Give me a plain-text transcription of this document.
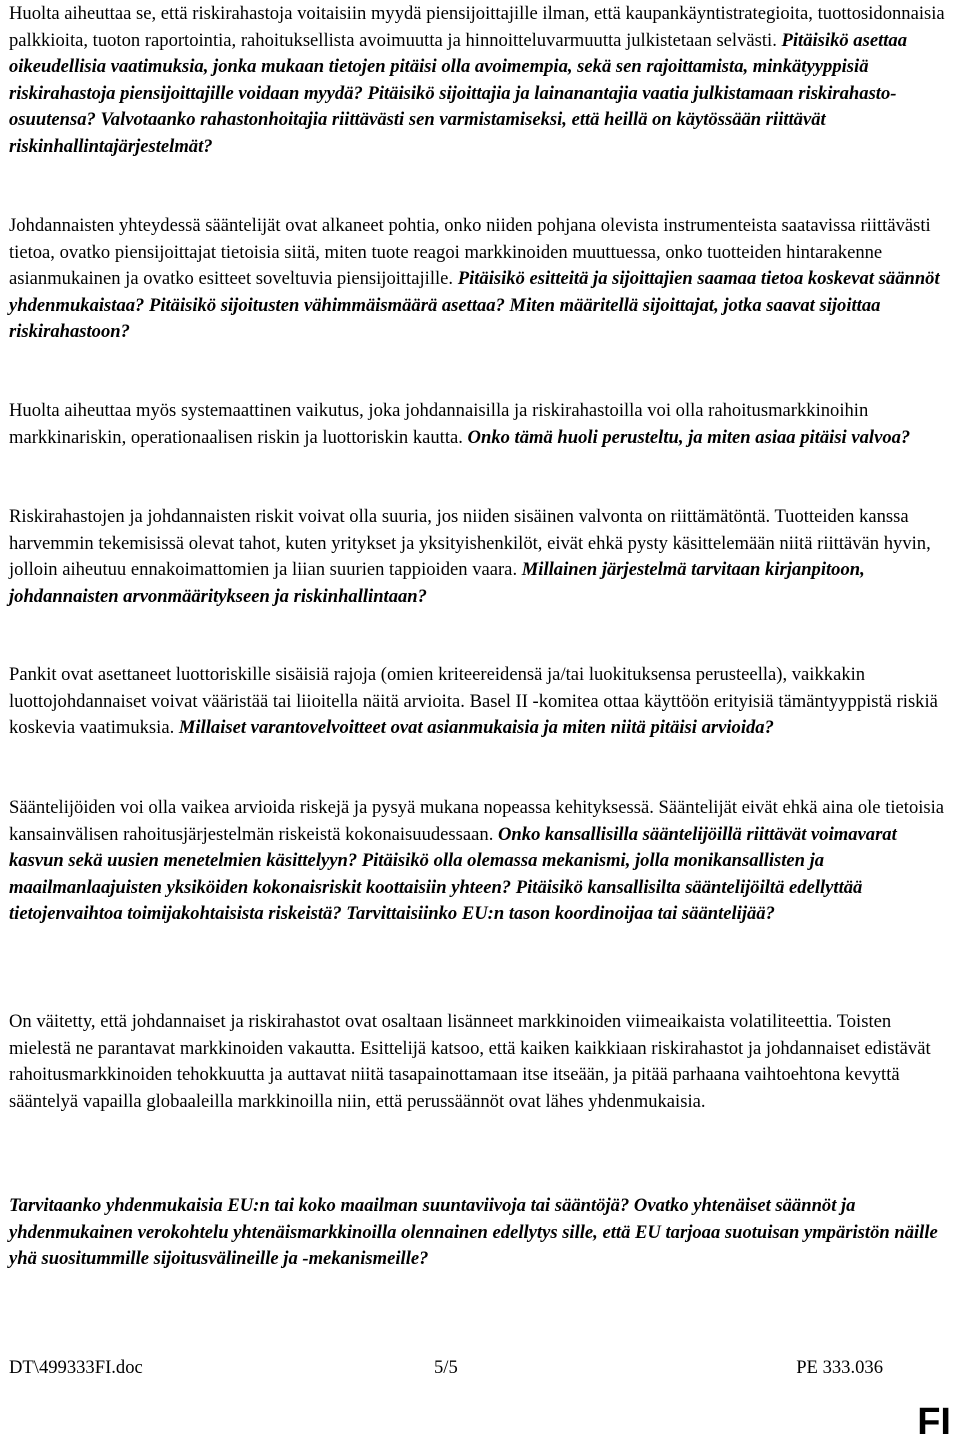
Huolta aiheuttaa se, että riskirahastoja voitaisiin myydä piensijoittajille ilman, että kaupankäyntistrategioita, tuottosidonnaisia palkkioita, tuoton raportointia, rahoituksellista avoimuutta ja hinnoitteluvarmuutta julkistetaan selvästi. Pitäisikö asettaa oikeudellisia vaatimuksia, jonka mukaan tietojen pitäisi olla avoimempia, sekä sen rajoittamista, minkätyyppisiä riskirahastoja piensijoittajille voidaan myydä? Pitäisikö sijoittajia ja lainanantajia vaatia julkistamaan riskirahasto-osuutensa? Valvotaanko rahastonhoitajia riittävästi sen varmistamiseksi, että heillä on käytössään riittävät riskinhallintajärjestelmät?

Johdannaisten yhteydessä sääntelijät ovat alkaneet pohtia, onko niiden pohjana olevista instrumenteista saatavissa riittävästi tietoa, ovatko piensijoittajat tietoisia siitä, miten tuote reagoi markkinoiden muuttuessa, onko tuotteiden hintarakenne asianmukainen ja ovatko esitteet soveltuvia piensijoittajille. Pitäisikö esitteitä ja sijoittajien saamaa tietoa koskevat säännöt yhdenmukaistaa? Pitäisikö sijoitusten vähimmäismäärä asettaa? Miten määritellä sijoittajat, jotka saavat sijoittaa riskirahastoon?

Huolta aiheuttaa myös systemaattinen vaikutus, joka johdannaisilla ja riskirahastoilla voi olla rahoitusmarkkinoihin markkinariskin, operationaalisen riskin ja luottoriskin kautta. Onko tämä huoli perusteltu, ja miten asiaa pitäisi valvoa?

Riskirahastojen ja johdannaisten riskit voivat olla suuria, jos niiden sisäinen valvonta on riittämätöntä. Tuotteiden kanssa harvemmin tekemisissä olevat tahot, kuten yritykset ja yksityishenkilöt, eivät ehkä pysty käsittelemään niitä riittävän hyvin, jolloin aiheutuu ennakoimattomien ja liian suurien tappioiden vaara. Millainen järjestelmä tarvitaan kirjanpitoon, johdannaisten arvonmääritykseen ja riskinhallintaan?

Pankit ovat asettaneet luottoriskille sisäisiä rajoja (omien kriteereidensä ja/tai luokituksensa perusteella), vaikkakin luottojohdannaiset voivat vääristää tai liioitella näitä arvioita. Basel II -komitea ottaa käyttöön erityisiä tämäntyyppistä riskiä koskevia vaatimuksia. Millaiset varantovelvoitteet ovat asianmukaisia ja miten niitä pitäisi arvioida?

Sääntelijöiden voi olla vaikea arvioida riskejä ja pysyä mukana nopeassa kehityksessä. Sääntelijät eivät ehkä aina ole tietoisia kansainvälisen rahoitusjärjestelmän riskeistä kokonaisuudessaan. Onko kansallisilla sääntelijöillä riittävät voimavarat kasvun sekä uusien menetelmien käsittelyyn? Pitäisikö olla olemassa mekanismi, jolla monikansallisten ja maailmanlaajuisten yksiköiden kokonaisriskit koottaisiin yhteen? Pitäisikö kansallisilta sääntelijöiltä edellyttää tietojenvaihtoa toimijakohtaisista riskeistä? Tarvittaisiinko EU:n tason koordinoijaa tai sääntelijää?

On väitetty, että johdannaiset ja riskirahastot ovat osaltaan lisänneet markkinoiden viimeaikaista volatiliteettia. Toisten mielestä ne parantavat markkinoiden vakautta. Esittelijä katsoo, että kaiken kaikkiaan riskirahastot ja johdannaiset edistävät rahoitusmarkkinoiden tehokkuutta ja auttavat niitä tasapainottamaan itse itseään, ja pitää parhaana vaihtoehtona kevyttä sääntelyä vapailla globaaleilla markkinoilla niin, että perussäännöt ovat lähes yhdenmukaisia.

Tarvitaanko yhdenmukaisia EU:n tai koko maailman suuntaviivoja tai sääntöjä? Ovatko yhtenäiset säännöt ja yhdenmukainen verokohtelu yhtenäismarkkinoilla olennainen edellytys sille, että EU tarjoaa suotuisan ympäristön näille yhä suositummille sijoitusvälineille ja -mekanismeille?

DT\499333FI.doc	5/5	PE 333.036
FI
